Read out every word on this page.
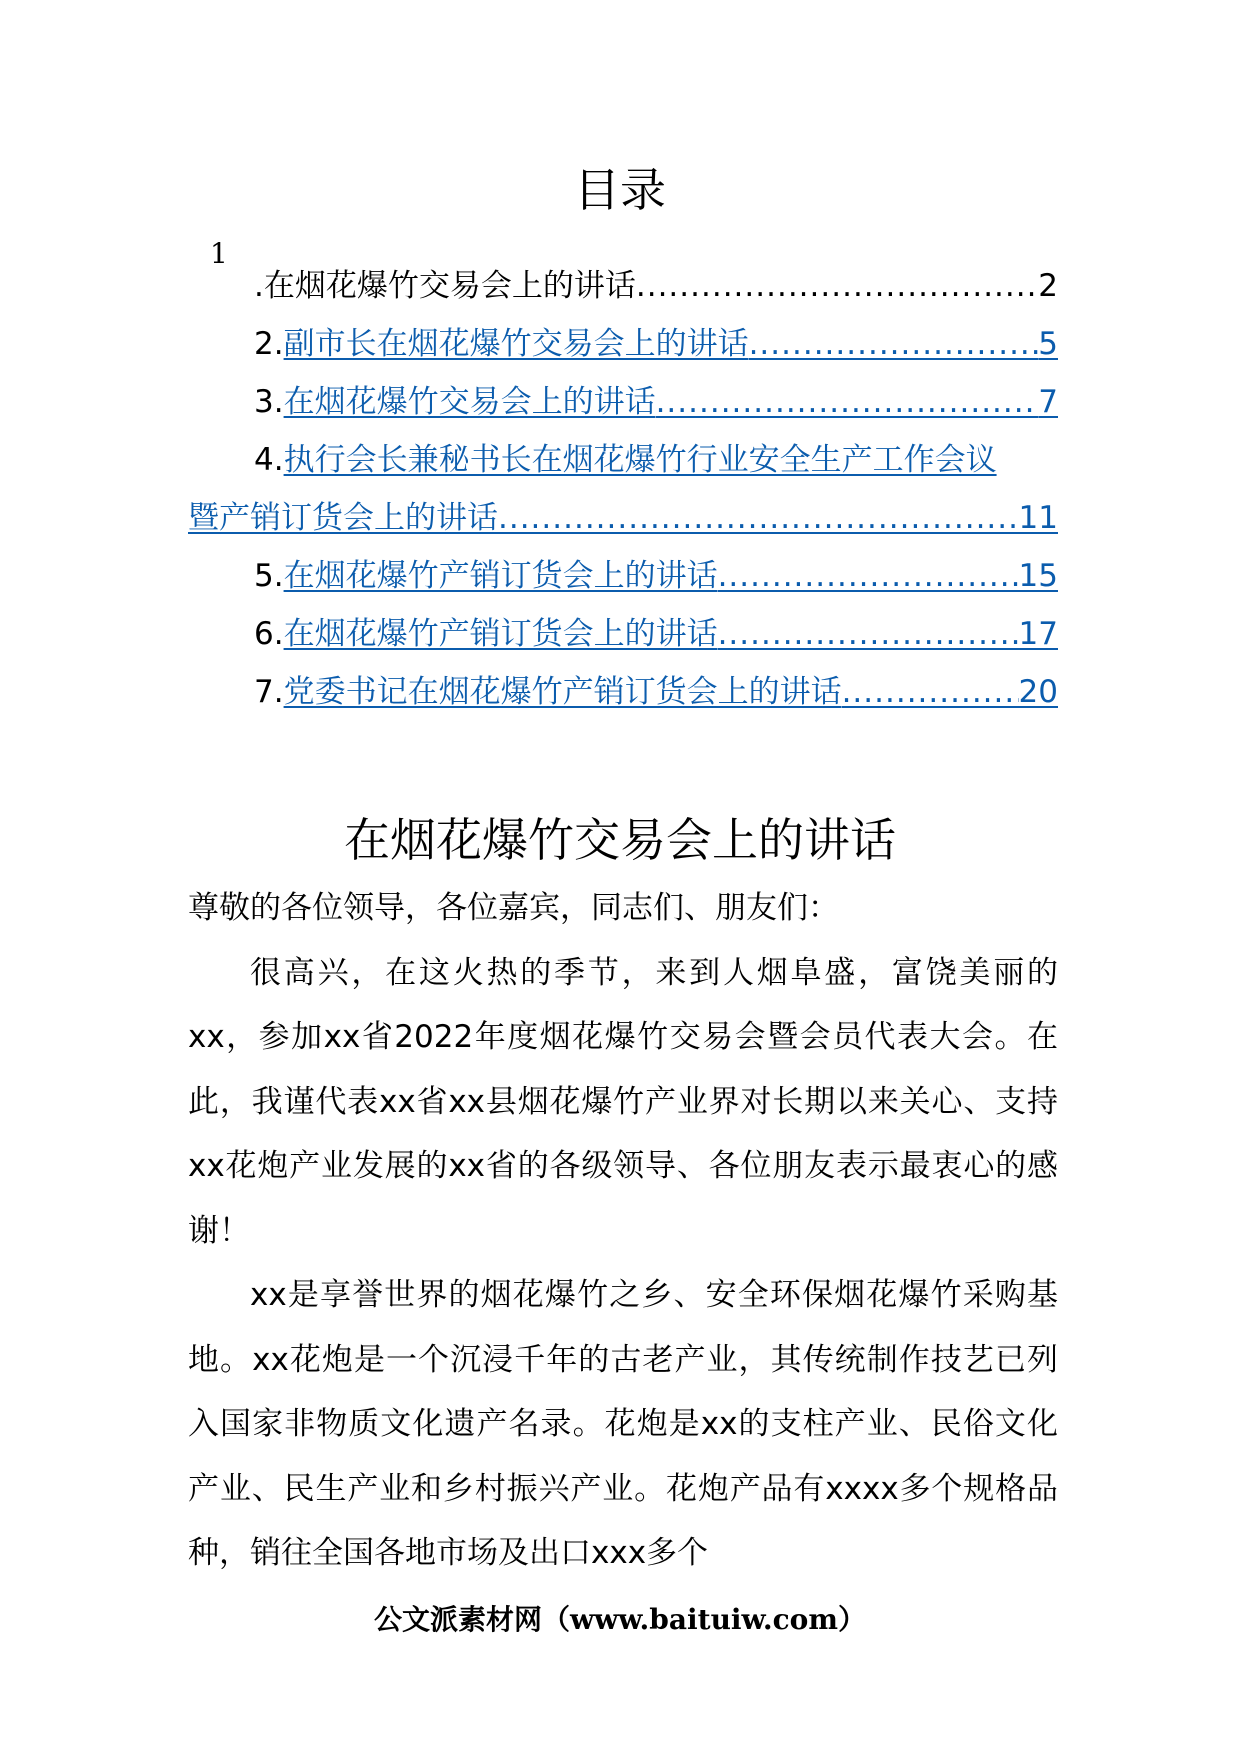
目录
1
.在烟花爆竹交易会上的讲话 .....	2
2. 副市长在烟花爆竹交易会上的讲话 .....	5
3. 在烟花爆竹交易会上的讲话 .....	7
4. 执行会长兼秘书长在烟花爆竹行业安全生产工作会议
暨产销订货会上的讲话 .....	11
5. 在烟花爆竹产销订货会上的讲话 .....	15
6. 在烟花爆竹产销订货会上的讲话 .....	17
7. 党委书记在烟花爆竹产销订货会上的讲话 .....	20
在烟花爆竹交易会上的讲话

尊敬的各位领导，各位嘉宾，同志们、朋友们：

很高兴，在这火热的季节，来到人烟阜盛，富饶美丽的xx，参加xx省2022年度烟花爆竹交易会暨会员代表大会。在此，我谨代表xx省xx县烟花爆竹产业界对长期以来关心、支持xx花炮产业发展的xx省的各级领导、各位朋友表示最衷心的感谢！

xx是享誉世界的烟花爆竹之乡、安全环保烟花爆竹采购基地。xx花炮是一个沉浸千年的古老产业，其传统制作技艺已列入国家非物质文化遗产名录。花炮是xx的支柱产业、民俗文化产业、民生产业和乡村振兴产业。花炮产品有xxxx多个规格品种，销往全国各地市场及出口xxx多个

公文派素材网（www.baituiw.com）
